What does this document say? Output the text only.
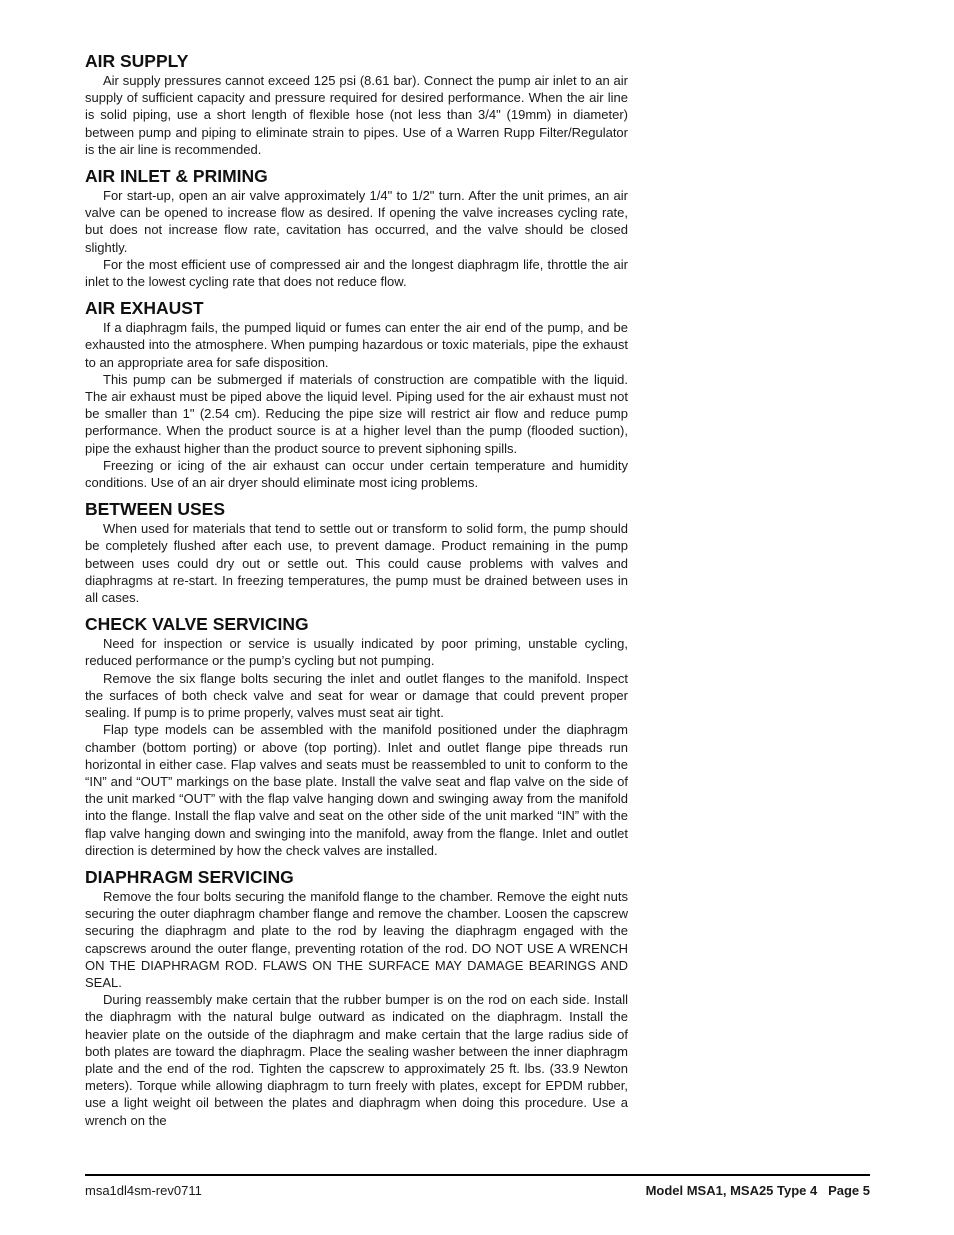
AIR SUPPLY

Air supply pressures cannot exceed 125 psi (8.61 bar). Connect the pump air inlet to an air supply of sufficient capacity and pressure required for desired performance. When the air line is solid piping, use a short length of flexible hose (not less than 3/4" (19mm) in diameter) between pump and piping to eliminate strain to pipes. Use of a Warren Rupp Filter/Regulator is the air line is recommended.

AIR INLET & PRIMING

For start-up, open an air valve approximately 1/4" to 1/2" turn. After the unit primes, an air valve can be opened to increase flow as desired. If opening the valve increases cycling rate, but does not increase flow rate, cavitation has occurred, and the valve should be closed slightly.

For the most efficient use of compressed air and the longest diaphragm life, throttle the air inlet to the lowest cycling rate that does not reduce flow.

AIR EXHAUST

If a diaphragm fails, the pumped liquid or fumes can enter the air end of the pump, and be exhausted into the atmosphere. When pumping hazardous or toxic materials, pipe the exhaust to an appropriate area for safe disposition.

This pump can be submerged if materials of construction are compatible with the liquid. The air exhaust must be piped above the liquid level. Piping used for the air exhaust must not be smaller than 1" (2.54 cm). Reducing the pipe size will restrict air flow and reduce pump performance. When the product source is at a higher level than the pump (flooded suction), pipe the exhaust higher than the product source to prevent siphoning spills.

Freezing or icing of the air exhaust can occur under certain temperature and humidity conditions. Use of an air dryer should eliminate most icing problems.

BETWEEN USES

When used for materials that tend to settle out or transform to solid form, the pump should be completely flushed after each use, to prevent damage. Product remaining in the pump between uses could dry out or settle out. This could cause problems with valves and diaphragms at re-start. In freezing temperatures, the pump must be drained between uses in all cases.

CHECK VALVE SERVICING

Need for inspection or service is usually indicated by poor priming, unstable cycling, reduced performance or the pump’s cycling but not pumping.

Remove the six flange bolts securing the inlet and outlet flanges to the manifold. Inspect the surfaces of both check valve and seat for wear or damage that could prevent proper sealing. If pump is to prime properly, valves must seat air tight.

Flap type models can be assembled with the manifold positioned under the diaphragm chamber (bottom porting) or above (top porting). Inlet and outlet flange pipe threads run horizontal in either case. Flap valves and seats must be reassembled to unit to conform to the “IN” and “OUT” markings on the base plate. Install the valve seat and flap valve on the side of the unit marked “OUT” with the flap valve hanging down and swinging away from the manifold into the flange. Install the flap valve and seat on the other side of the unit marked “IN” with the flap valve hanging down and swinging into the manifold, away from the flange. Inlet and outlet direction is determined by how the check valves are installed.

DIAPHRAGM SERVICING

Remove the four bolts securing the manifold flange to the chamber. Remove the eight nuts securing the outer diaphragm chamber flange and remove the chamber. Loosen the capscrew securing the diaphragm and plate to the rod by leaving the diaphragm engaged with the capscrews around the outer flange, preventing rotation of the rod. DO NOT USE A WRENCH ON THE DIAPHRAGM ROD. FLAWS ON THE SURFACE MAY DAMAGE BEARINGS AND SEAL.

During reassembly make certain that the rubber bumper is on the rod on each side. Install the diaphragm with the natural bulge outward as indicated on the diaphragm. Install the heavier plate on the outside of the diaphragm and make certain that the large radius side of both plates are toward the diaphragm. Place the sealing washer between the inner diaphragm plate and the end of the rod. Tighten the capscrew to approximately 25 ft. lbs. (33.9 Newton meters). Torque while allowing diaphragm to turn freely with plates, except for EPDM rubber, use a light weight oil between the plates and diaphragm when doing this procedure. Use a wrench on the

msa1dl4sm-rev0711	Model MSA1, MSA25 Type 4   Page 5
